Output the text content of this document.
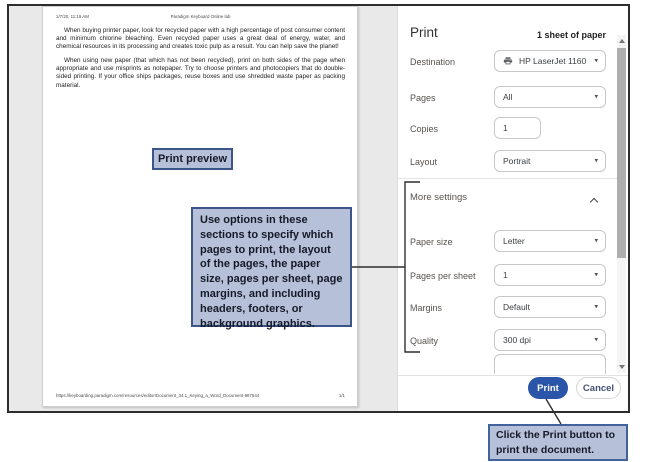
1/7/20, 11:19 AM	Paradigm Keyboard Online lab

When buying printer paper, look for recycled paper with a high percentage of post consumer content and minimum chlorine bleaching. Even recycled paper uses a great deal of energy, water, and chemical resources in its processing and creates toxic pulp as a result. You can help save the planet!

When using new paper (that which has not been recycled), print on both sides of the page when appropriate and use misprints as notepaper. Try to choose printers and photocopiers that do double-sided printing. If your office ships packages, reuse boxes and use shredded waste paper as packing material.

https://keyboarding.paradigm.com/resources/editor/Document_34.1_Keying_a_Word_Document-987544	1/1
Print	1 sheet of paper
Destination	HP LaserJet 1160 ▾
Pages	All	▾
Copies
1
Layout	Portrait	▾
More settings
Paper size	Letter	▾
Pages per sheet	1	▾
Margins	Default	▾
Quality	300 dpi	▾
Print	Cancel
Print preview
Use options in these sections to specify which pages to print, the layout of the pages, the paper size, pages per sheet, page margins, and including headers, footers, or background graphics.
Click the Print button to print the document.
